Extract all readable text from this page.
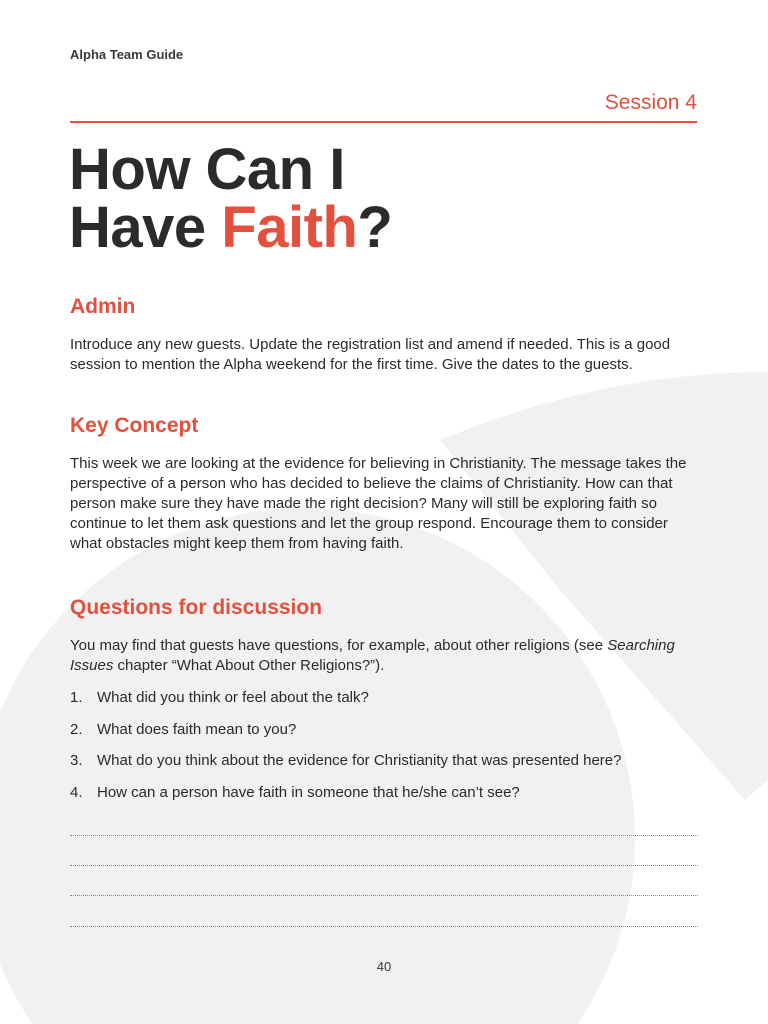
Alpha Team Guide
Session 4
How Can I
Have Faith?
Admin

Introduce any new guests. Update the registration list and amend if needed. This is a good session to mention the Alpha weekend for the first time. Give the dates to the guests.

Key Concept

This week we are looking at the evidence for believing in Christianity. The message takes the perspective of a person who has decided to believe the claims of Christianity. How can that person make sure they have made the right decision? Many will still be exploring faith so continue to let them ask questions and let the group respond. Encourage them to consider what obstacles might keep them from having faith.

Questions for discussion

You may find that guests have questions, for example, about other religions (see Searching Issues chapter “What About Other Religions?”).

1. What did you think or feel about the talk?
2. What does faith mean to you?
3. What do you think about the evidence for Christianity that was presented here?
4. How can a person have faith in someone that he/she can’t see?
40
